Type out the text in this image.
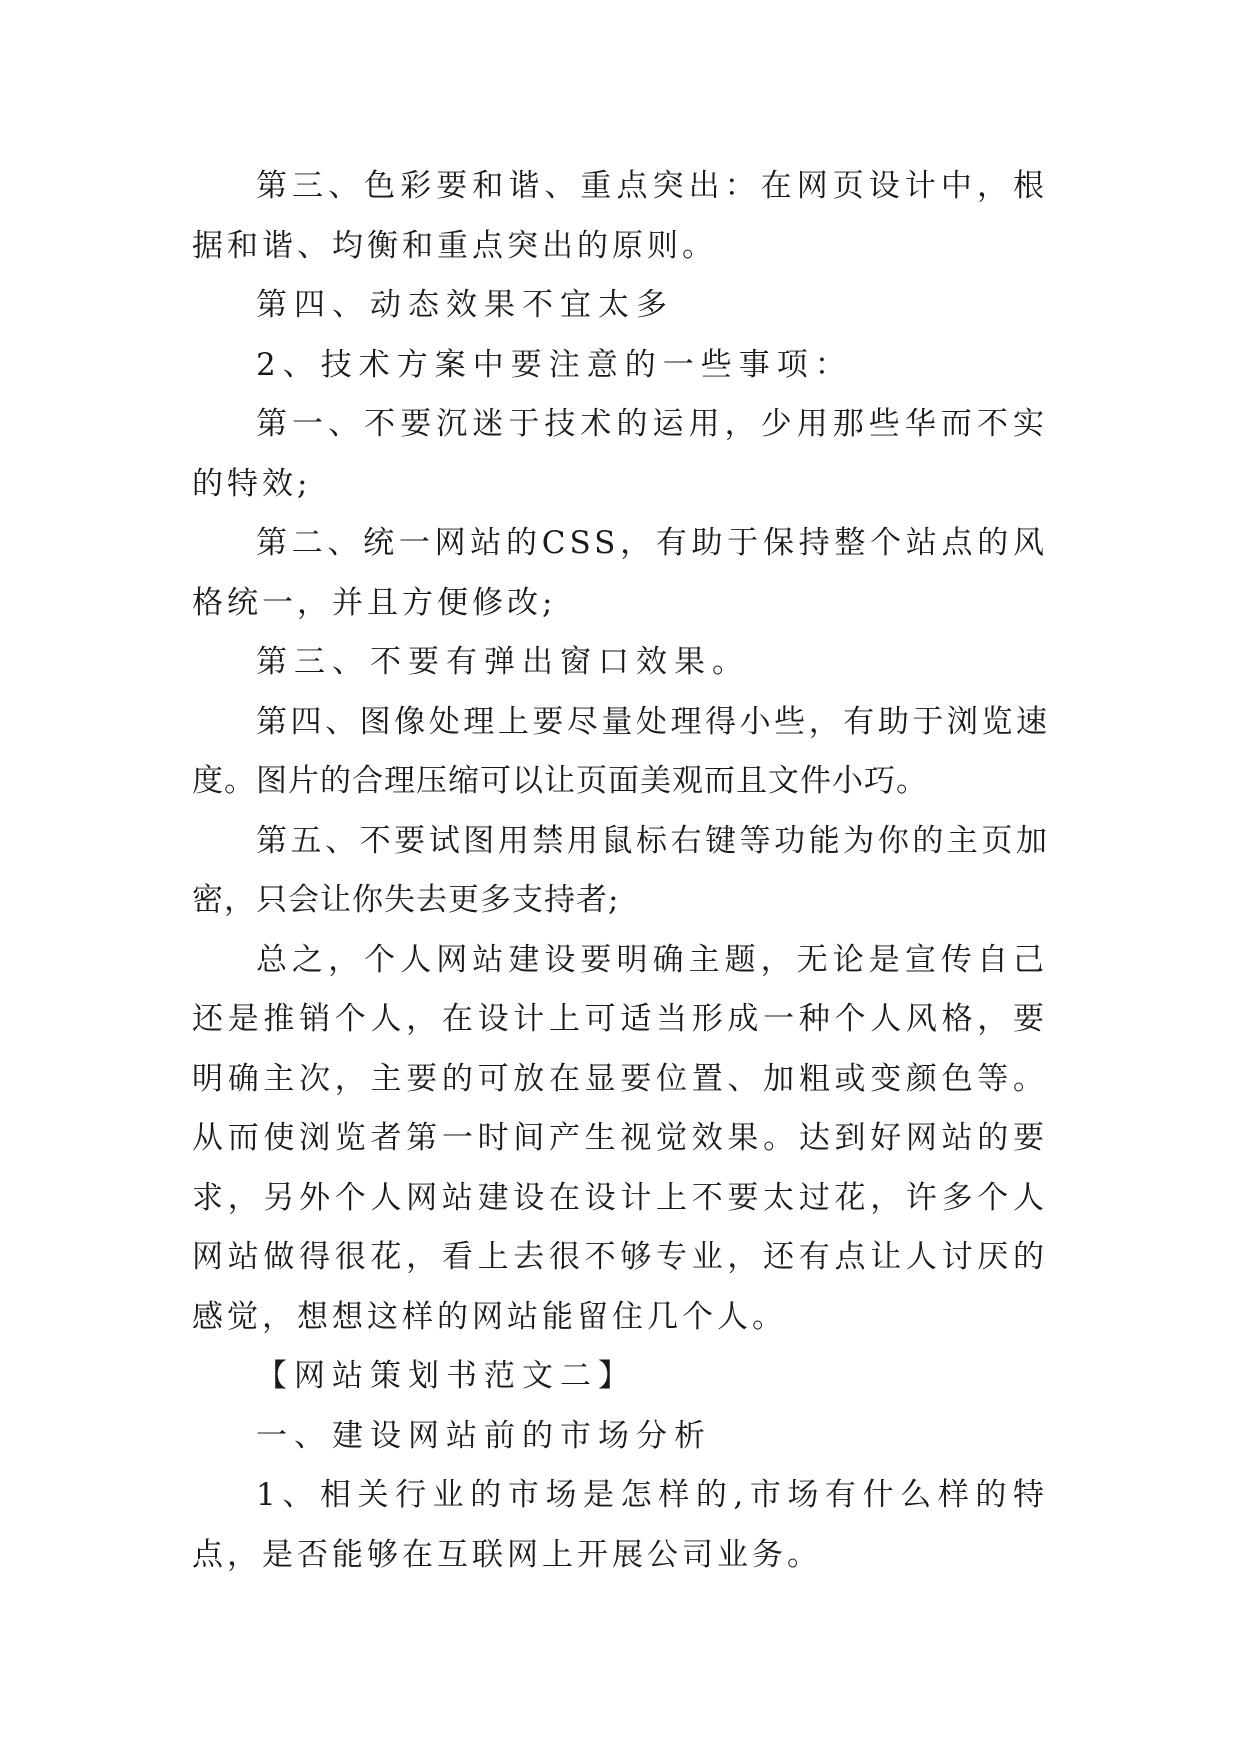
第三、色彩要和谐、重点突出：在网页设计中，根据和谐、均衡和重点突出的原则。

第四、动态效果不宜太多

2、技术方案中要注意的一些事项：

第一、不要沉迷于技术的运用，少用那些华而不实的特效;

第二、统一网站的CSS，有助于保持整个站点的风格统一，并且方便修改;

第三、不要有弹出窗口效果。

第四、图像处理上要尽量处理得小些，有助于浏览速度。图片的合理压缩可以让页面美观而且文件小巧。

第五、不要试图用禁用鼠标右键等功能为你的主页加密，只会让你失去更多支持者;

总之，个人网站建设要明确主题，无论是宣传自己还是推销个人，在设计上可适当形成一种个人风格，要明确主次，主要的可放在显要位置、加粗或变颜色等。从而使浏览者第一时间产生视觉效果。达到好网站的要求，另外个人网站建设在设计上不要太过花，许多个人网站做得很花，看上去很不够专业，还有点让人讨厌的感觉，想想这样的网站能留住几个人。

【网站策划书范文二】

一、建设网站前的市场分析

1、相关行业的市场是怎样的,市场有什么样的特点，是否能够在互联网上开展公司业务。
